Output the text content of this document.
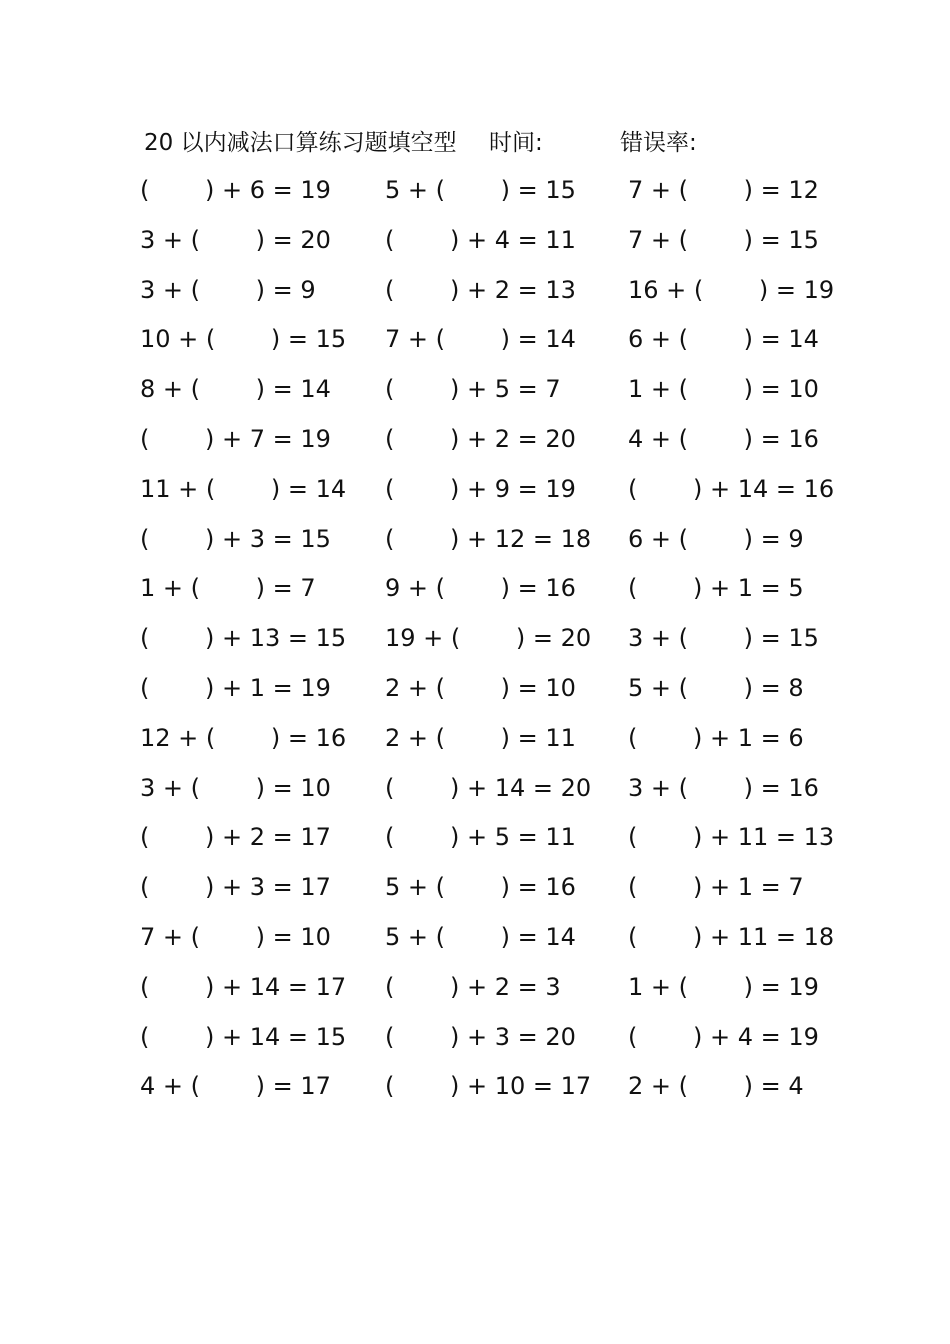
20 以内减法口算练习题填空型 时间:	错误率:
(　　 ) + 6 = 19 5 + (　　 ) = 15 7 + (　　 ) = 12
3 + (　　 ) = 20 (　　 ) + 4 = 11 7 + (　　 ) = 15
3 + (　　 ) = 9	(　　 ) + 2 = 13 16 + (　　 ) = 19
10 + (　　 ) = 15 7 + (　　 ) = 14 6 + (　　 ) = 14
8 + (　　 ) = 14 (　　 ) + 5 = 7	1 + (　　 ) = 10
(　　 ) + 7 = 19 (　　 ) + 2 = 20 4 + (　　 ) = 16
11 + (　　 ) = 14 (　　 ) + 9 = 19 (　　 ) + 14 = 16
(　　 ) + 3 = 15 (　　 ) + 12 = 18 6 + (　　 ) = 9
1 + (　　 ) = 7	9 + (　　 ) = 16 (　　 ) + 1 = 5
(　　 ) + 13 = 15 19 + (　　 ) = 20 3 + (　　 ) = 15
(　　 ) + 1 = 19 2 + (　　 ) = 10 5 + (　　 ) = 8
12 + (　　 ) = 16 2 + (　　 ) = 11 (　　 ) + 1 = 6
3 + (　　 ) = 10 (　　 ) + 14 = 20 3 + (　　 ) = 16
(　　 ) + 2 = 17 (　　 ) + 5 = 11 (　　 ) + 11 = 13
(　　 ) + 3 = 17 5 + (　　 ) = 16 (　　 ) + 1 = 7
7 + (　　 ) = 10 5 + (　　 ) = 14 (　　 ) + 11 = 18
(　　 ) + 14 = 17 (　　 ) + 2 = 3	1 + (　　 ) = 19
(　　 ) + 14 = 15 (　　 ) + 3 = 20 (　　 ) + 4 = 19
4 + (　　 ) = 17 (　　 ) + 10 = 17 2 + (　　 ) = 4
